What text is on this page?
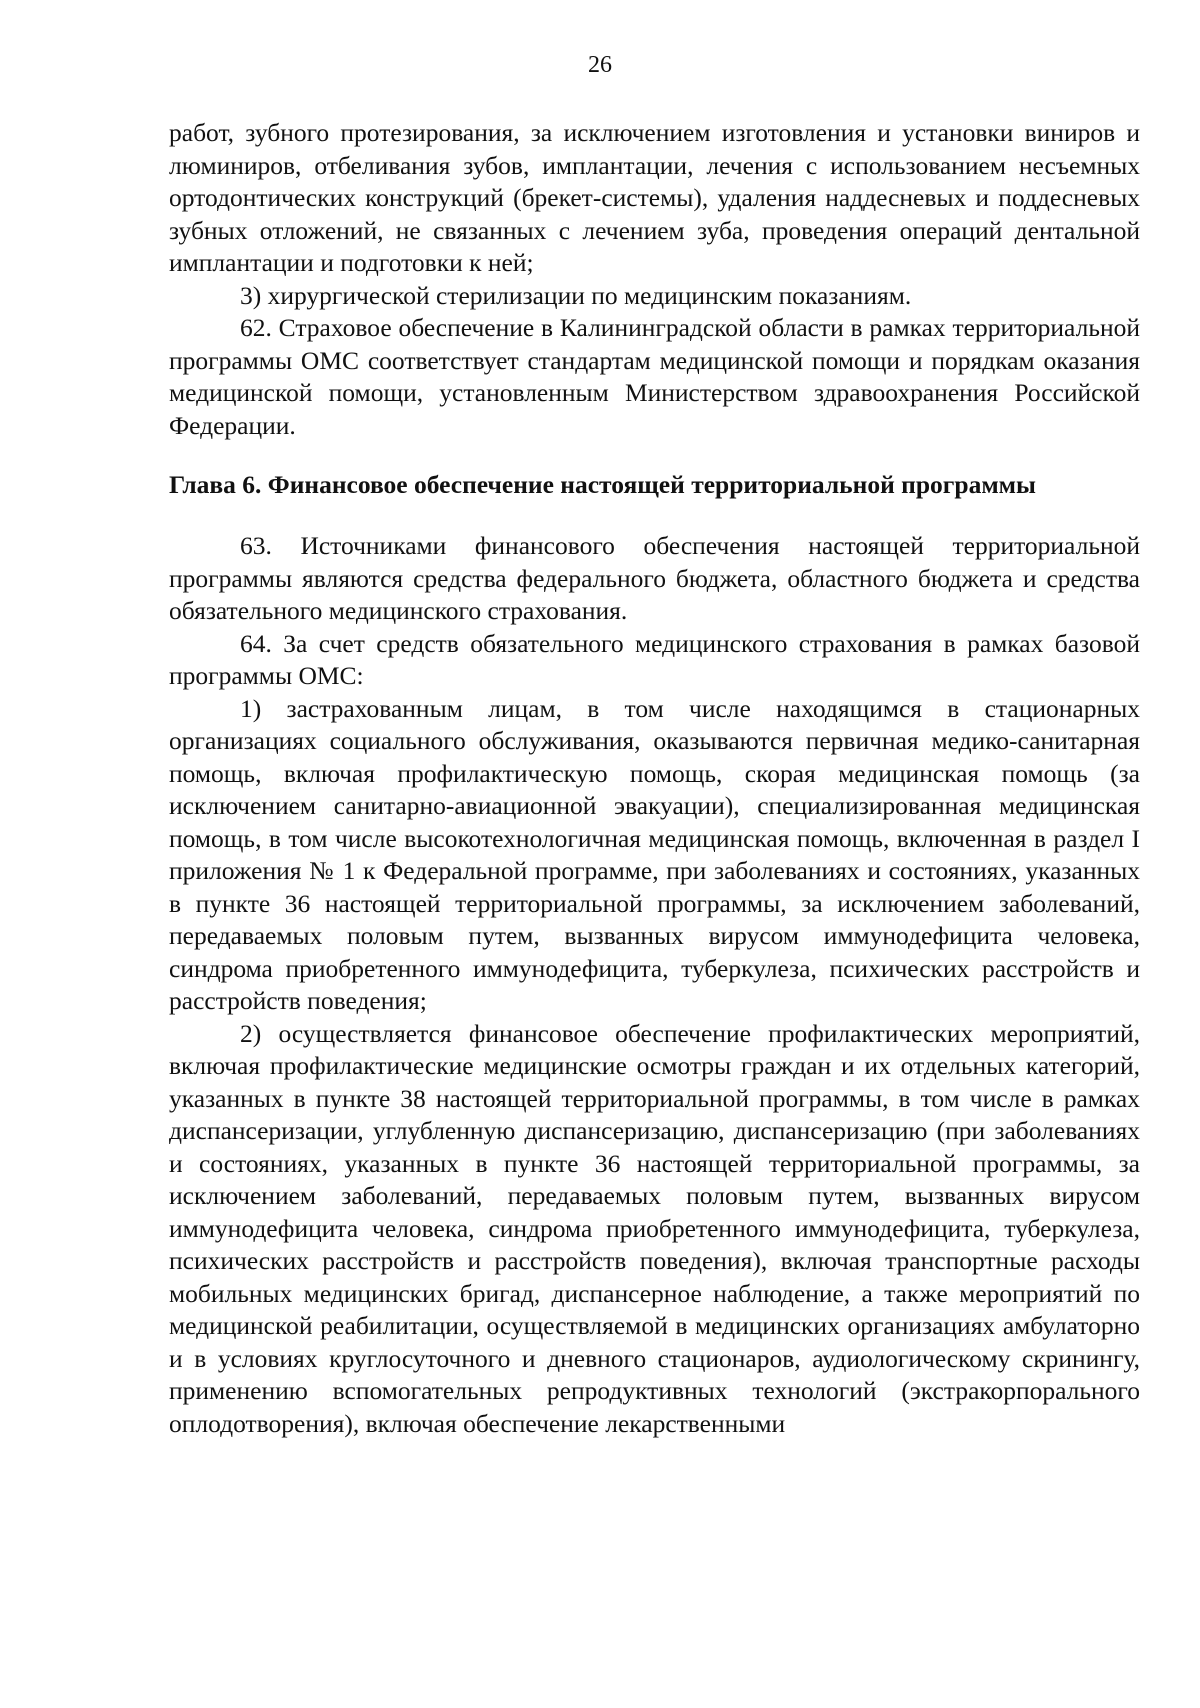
26

работ, зубного протезирования, за исключением изготовления и установки виниров и люминиров, отбеливания зубов, имплантации, лечения с использованием несъемных ортодонтических конструкций (брекет-системы), удаления наддесневых и поддесневых зубных отложений, не связанных с лечением зуба, проведения операций дентальной имплантации и подготовки к ней;

3) хирургической стерилизации по медицинским показаниям.

62. Страховое обеспечение в Калининградской области в рамках территориальной программы ОМС соответствует стандартам медицинской помощи и порядкам оказания медицинской помощи, установленным Министерством здравоохранения Российской Федерации.

Глава 6. Финансовое обеспечение настоящей территориальной программы

63. Источниками финансового обеспечения настоящей территориальной программы являются средства федерального бюджета, областного бюджета и средства обязательного медицинского страхования.

64. За счет средств обязательного медицинского страхования в рамках базовой программы ОМС:

1) застрахованным лицам, в том числе находящимся в стационарных организациях социального обслуживания, оказываются первичная медико-санитарная помощь, включая профилактическую помощь, скорая медицинская помощь (за исключением санитарно-авиационной эвакуации), специализированная медицинская помощь, в том числе высокотехнологичная медицинская помощь, включенная в раздел I приложения № 1 к Федеральной программе, при заболеваниях и состояниях, указанных в пункте 36 настоящей территориальной программы, за исключением заболеваний, передаваемых половым путем, вызванных вирусом иммунодефицита человека, синдрома приобретенного иммунодефицита, туберкулеза, психических расстройств и расстройств поведения;

2) осуществляется финансовое обеспечение профилактических мероприятий, включая профилактические медицинские осмотры граждан и их отдельных категорий, указанных в пункте 38 настоящей территориальной программы, в том числе в рамках диспансеризации, углубленную диспансеризацию, диспансеризацию (при заболеваниях и состояниях, указанных в пункте 36 настоящей территориальной программы, за исключением заболеваний, передаваемых половым путем, вызванных вирусом иммунодефицита человека, синдрома приобретенного иммунодефицита, туберкулеза, психических расстройств и расстройств поведения), включая транспортные расходы мобильных медицинских бригад, диспансерное наблюдение, а также мероприятий по медицинской реабилитации, осуществляемой в медицинских организациях амбулаторно и в условиях круглосуточного и дневного стационаров, аудиологическому скринингу, применению вспомогательных репродуктивных технологий (экстракорпорального оплодотворения), включая обеспечение лекарственными
